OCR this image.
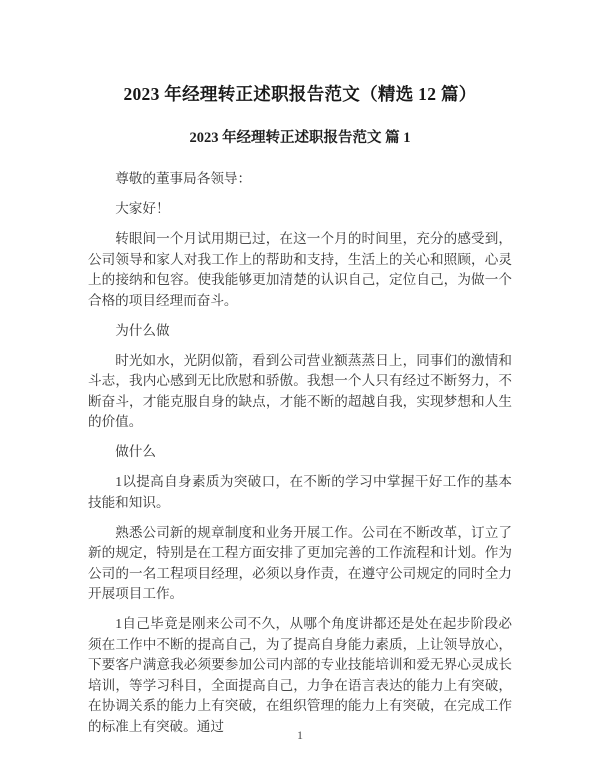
2023 年经理转正述职报告范文（精选 12 篇）
2023 年经理转正述职报告范文 篇 1

尊敬的董事局各领导：

大家好！

转眼间一个月试用期已过，在这一个月的时间里，充分的感受到，公司领导和家人对我工作上的帮助和支持，生活上的关心和照顾，心灵上的接纳和包容。使我能够更加清楚的认识自己，定位自己，为做一个合格的项目经理而奋斗。

为什么做

时光如水，光阴似箭，看到公司营业额蒸蒸日上，同事们的激情和斗志，我内心感到无比欣慰和骄傲。我想一个人只有经过不断努力，不断奋斗，才能克服自身的缺点，才能不断的超越自我，实现梦想和人生的价值。

做什么

1以提高自身素质为突破口，在不断的学习中掌握干好工作的基本技能和知识。

熟悉公司新的规章制度和业务开展工作。公司在不断改革，订立了新的规定，特别是在工程方面安排了更加完善的工作流程和计划。作为公司的一名工程项目经理，必须以身作责，在遵守公司规定的同时全力开展项目工作。

1自己毕竟是刚来公司不久，从哪个角度讲都还是处在起步阶段必须在工作中不断的提高自己，为了提高自身能力素质，上让领导放心，下要客户满意我必须要参加公司内部的专业技能培训和爱无界心灵成长培训，等学习科目，全面提高自己，力争在语言表达的能力上有突破，在协调关系的能力上有突破，在组织管理的能力上有突破，在完成工作的标准上有突破。通过

1
